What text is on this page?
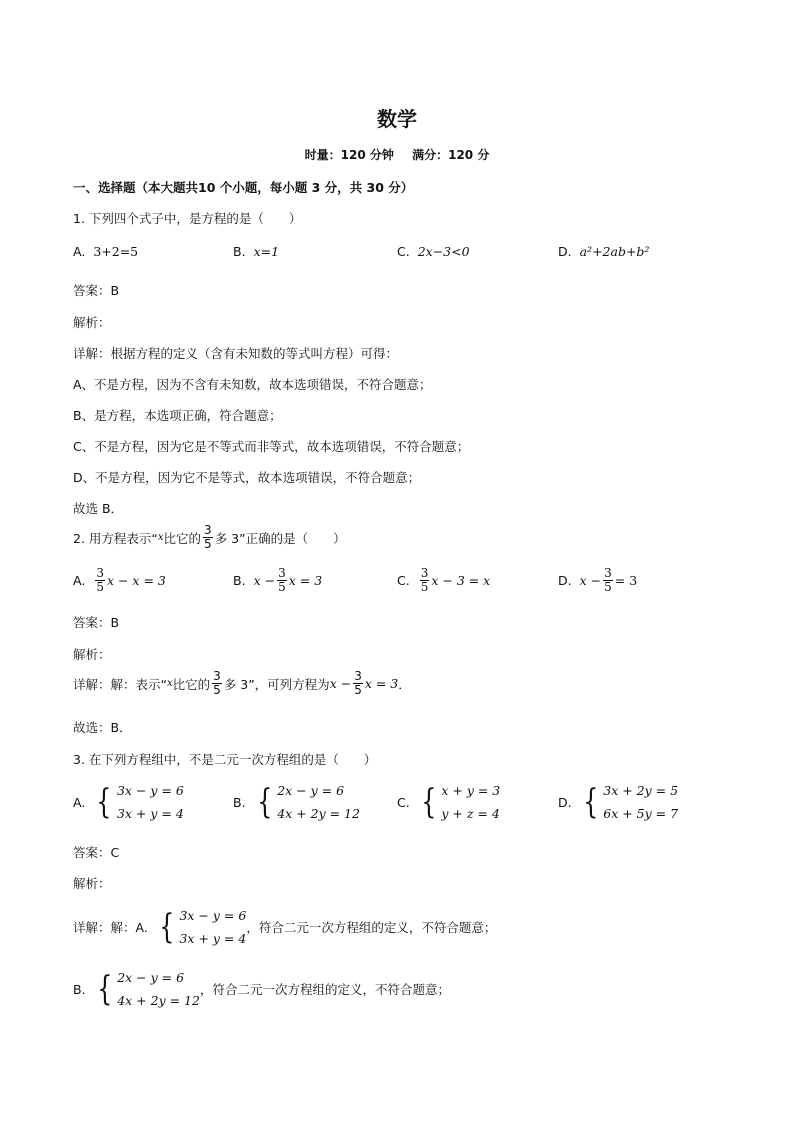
数学
时量：120 分钟 满分：120 分
一、选择题（本大题共10 个小题，每小题 3 分，共 30 分）
1. 下列四个式子中，是方程的是（　　）
A. 3+2=5	B. x=1	C. 2x−3<0	D. a²+2ab+b²
答案：B
解析：
详解：根据方程的定义（含有未知数的等式叫方程）可得：
A、不是方程，因为不含有未知数，故本选项错误，不符合题意；
B、是方程，本选项正确，符合题意；
C、不是方程，因为它是不等式而非等式，故本选项错误，不符合题意；
D、不是方程，因为它不是等式，故本选项错误，不符合题意；
故选 B．
2. 用方程表示“ x 比它的 $\frac{3}{5}$ 多 3”正确的是（　　）
A. $\frac{3}{5}$ x − x = 3	B. $x - \frac{3}{5}$ x = 3	C. $\frac{3}{5}$ x − 3 = x	D. $x - \frac{3}{5} = 3$
答案：B
解析：
详解：解：表示“ x 比它的 $\frac{3}{5}$ 多 3”，可列方程为 $x - \frac{3}{5}$ x = 3 ．
故选：B．
3. 在下列方程组中，不是二元一次方程组的是（　　）
A. { 3x − y = 6
3x + y = 4
B. { 2x − y = 6
4x + 2y = 12
C. { x + y = 3
y + z = 4
D. { 3x + 2y = 5
6x + 5y = 7
答案：C
解析：
详解：解：A. { 3x − y = 6
3x + y = 4
，符合二元一次方程组的定义，不符合题意；
B. { 2x − y = 6
4x + 2y = 12
，符合二元一次方程组的定义，不符合题意；
